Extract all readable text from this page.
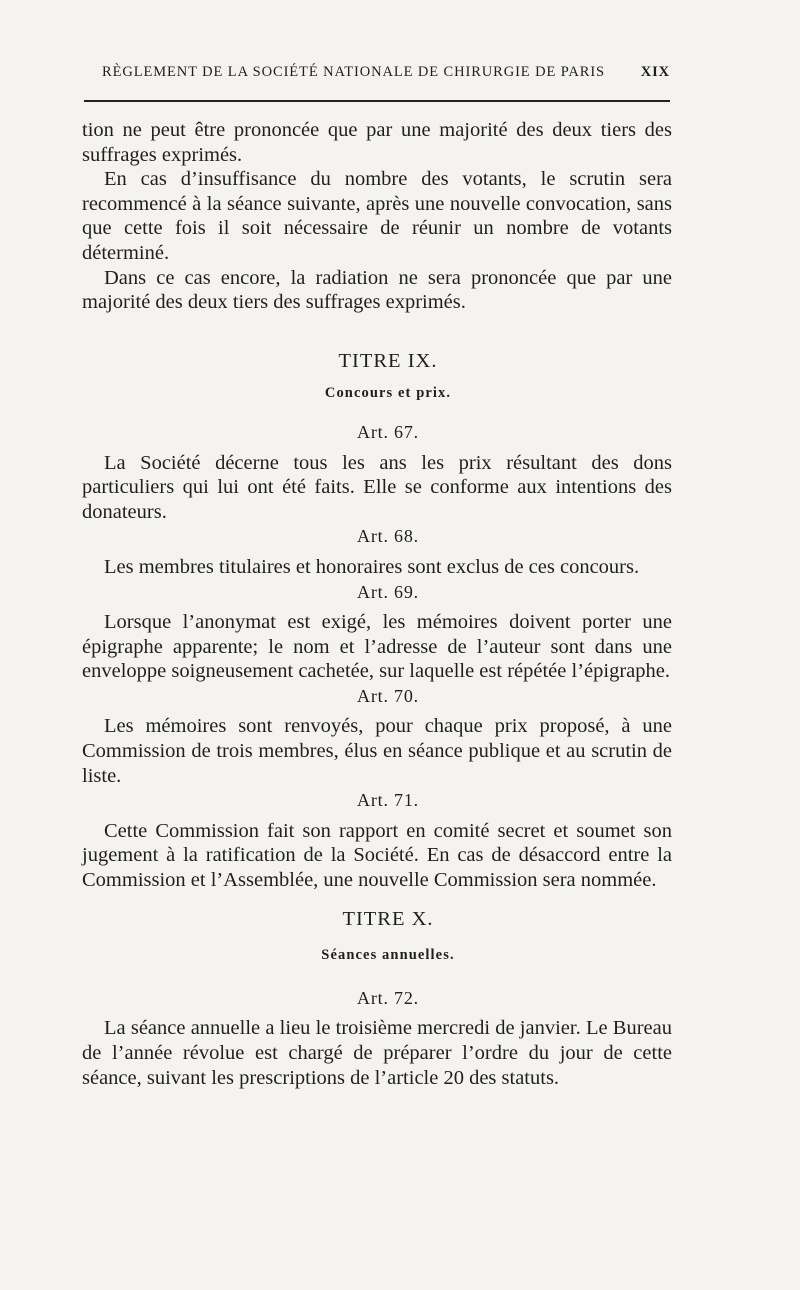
RÈGLEMENT DE LA SOCIÉTÉ NATIONALE DE CHIRURGIE DE PARIS XIX

tion ne peut être prononcée que par une majorité des deux tiers des suffrages exprimés.

En cas d’insuffisance du nombre des votants, le scrutin sera recommencé à la séance suivante, après une nouvelle convocation, sans que cette fois il soit nécessaire de réunir un nombre de votants déterminé.

Dans ce cas encore, la radiation ne sera prononcée que par une majorité des deux tiers des suffrages exprimés.

TITRE IX.

Concours et prix.

Art. 67.

La Société décerne tous les ans les prix résultant des dons particuliers qui lui ont été faits. Elle se conforme aux intentions des donateurs.

Art. 68.

Les membres titulaires et honoraires sont exclus de ces concours.

Art. 69.

Lorsque l’anonymat est exigé, les mémoires doivent porter une épigraphe apparente; le nom et l’adresse de l’auteur sont dans une enveloppe soigneusement cachetée, sur laquelle est répétée l’épigraphe.

Art. 70.

Les mémoires sont renvoyés, pour chaque prix proposé, à une Commission de trois membres, élus en séance publique et au scrutin de liste.

Art. 71.

Cette Commission fait son rapport en comité secret et soumet son jugement à la ratification de la Société. En cas de désaccord entre la Commission et l’Assemblée, une nouvelle Commission sera nommée.

TITRE X.

Séances annuelles.

Art. 72.

La séance annuelle a lieu le troisième mercredi de janvier. Le Bureau de l’année révolue est chargé de préparer l’ordre du jour de cette séance, suivant les prescriptions de l’article 20 des statuts.
